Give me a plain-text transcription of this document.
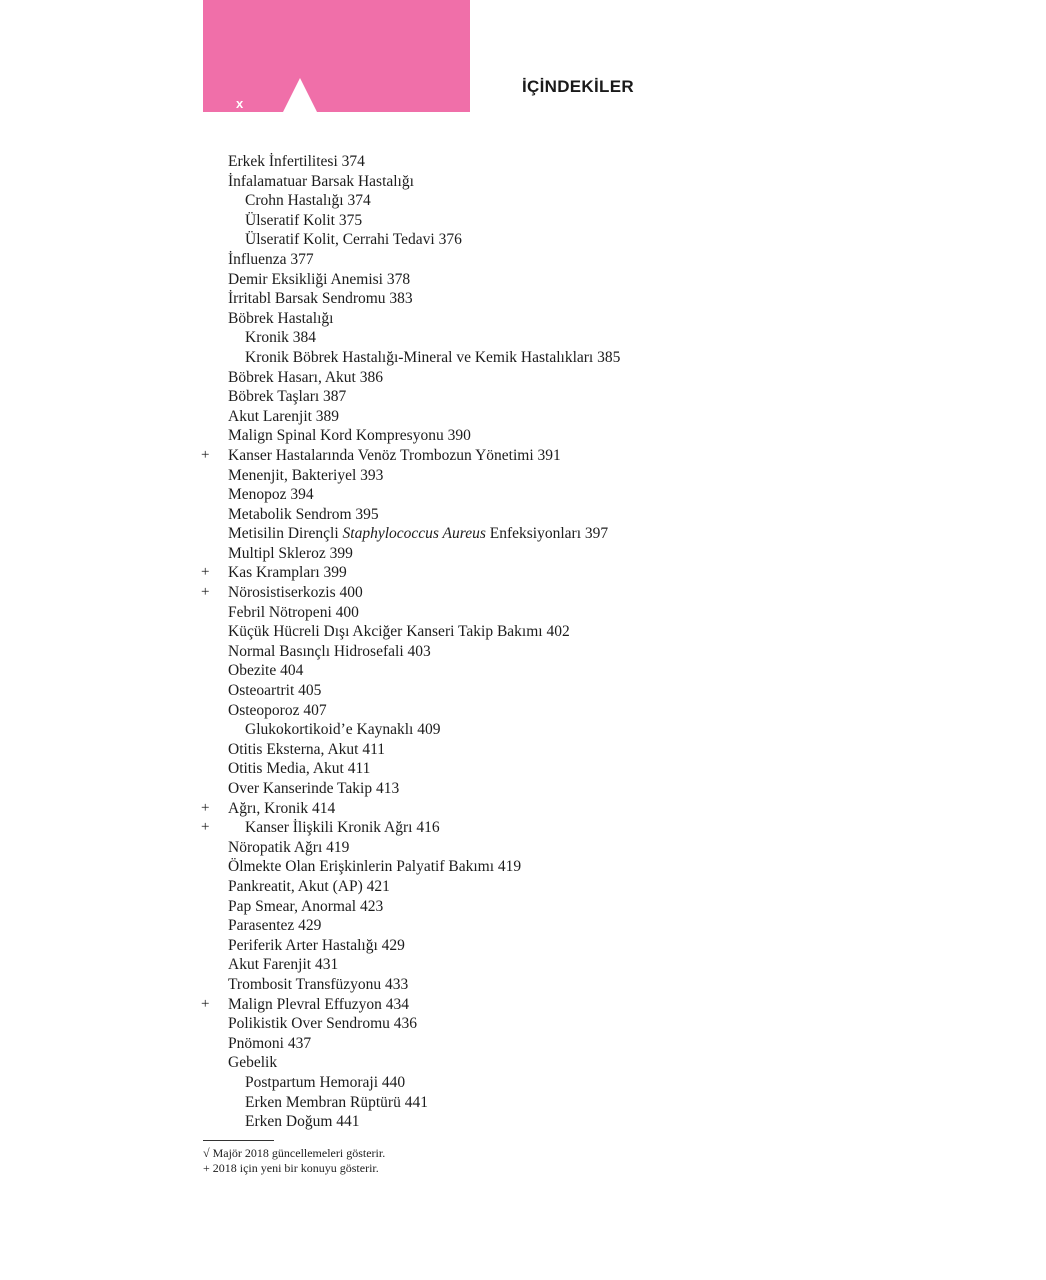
x
İÇİNDEKİLER
Erkek İnfertilitesi 374
İnfalamatuar Barsak Hastalığı
Crohn Hastalığı 374
Ülseratif Kolit 375
Ülseratif Kolit, Cerrahi Tedavi 376
İnfluenza 377
Demir Eksikliği Anemisi 378
İrritabl Barsak Sendromu 383
Böbrek Hastalığı
Kronik 384
Kronik Böbrek Hastalığı-Mineral ve Kemik Hastalıkları 385
Böbrek Hasarı, Akut 386
Böbrek Taşları 387
Akut Larenjit 389
Malign Spinal Kord Kompresyonu 390
+ Kanser Hastalarında Venöz Trombozun Yönetimi 391
Menenjit, Bakteriyel 393
Menopoz 394
Metabolik Sendrom 395
Metisilin Dirençli Staphylococcus Aureus Enfeksiyonları 397
Multipl Skleroz 399
+ Kas Krampları 399
+ Nörosistiserkozis 400
Febril Nötropeni 400
Küçük Hücreli Dışı Akciğer Kanseri Takip Bakımı 402
Normal Basınçlı Hidrosefali 403
Obezite 404
Osteoartrit 405
Osteoporoz 407
Glukokortikoid’e Kaynaklı 409
Otitis Eksterna, Akut 411
Otitis Media, Akut 411
Over Kanserinde Takip 413
+ Ağrı, Kronik 414
+ Kanser İlişkili Kronik Ağrı 416
Nöropatik Ağrı 419
Ölmekte Olan Erişkinlerin Palyatif Bakımı 419
Pankreatit, Akut (AP) 421
Pap Smear, Anormal 423
Parasentez 429
Periferik Arter Hastalığı 429
Akut Farenjit 431
Trombosit Transfüzyonu 433
+ Malign Plevral Effuzyon 434
Polikistik Over Sendromu 436
Pnömoni 437
Gebelik
Postpartum Hemoraji 440
Erken Membran Rüptürü 441
Erken Doğum 441
√ Majör 2018 güncellemeleri gösterir.
+ 2018 için yeni bir konuyu gösterir.
